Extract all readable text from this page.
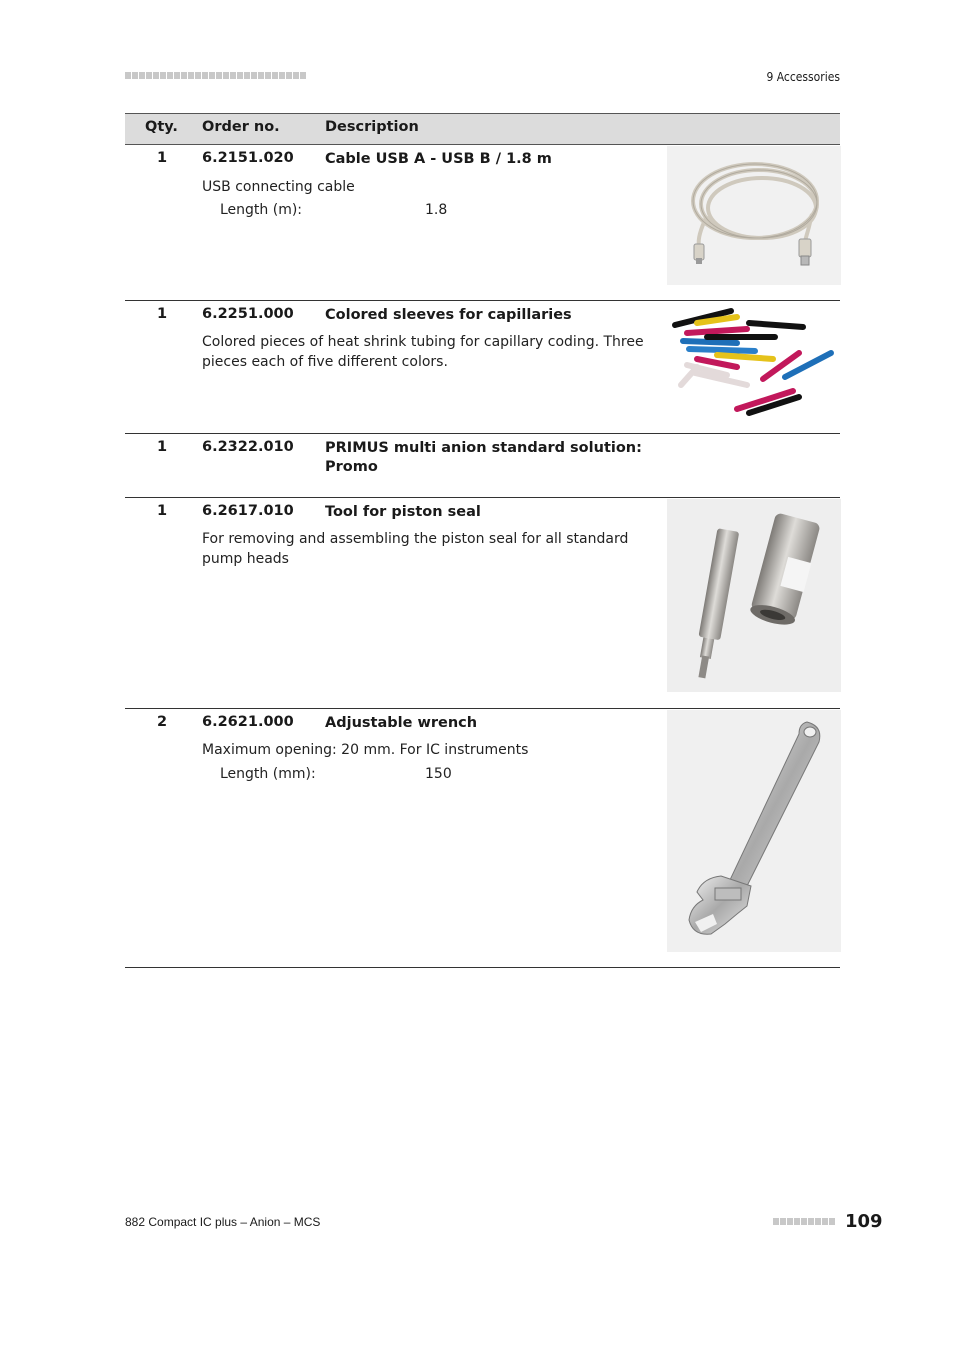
9 Accessories
Qty. Order no.	Description
1 6.2151.020 Cable USB A - USB B / 1.8 m
USB connecting cable
Length (m):	1.8
1 6.2251.000 Colored sleeves for capillaries
Colored pieces of heat shrink tubing for capillary coding. Three pieces each of five different colors.
1 6.2322.010 PRIMUS multi anion standard solution: Promo
1 6.2617.010 Tool for piston seal
For removing and assembling the piston seal for all standard pump heads
2 6.2621.000 Adjustable wrench
Maximum opening: 20 mm. For IC instruments
Length (mm):	150
882 Compact IC plus – Anion – MCS	109
